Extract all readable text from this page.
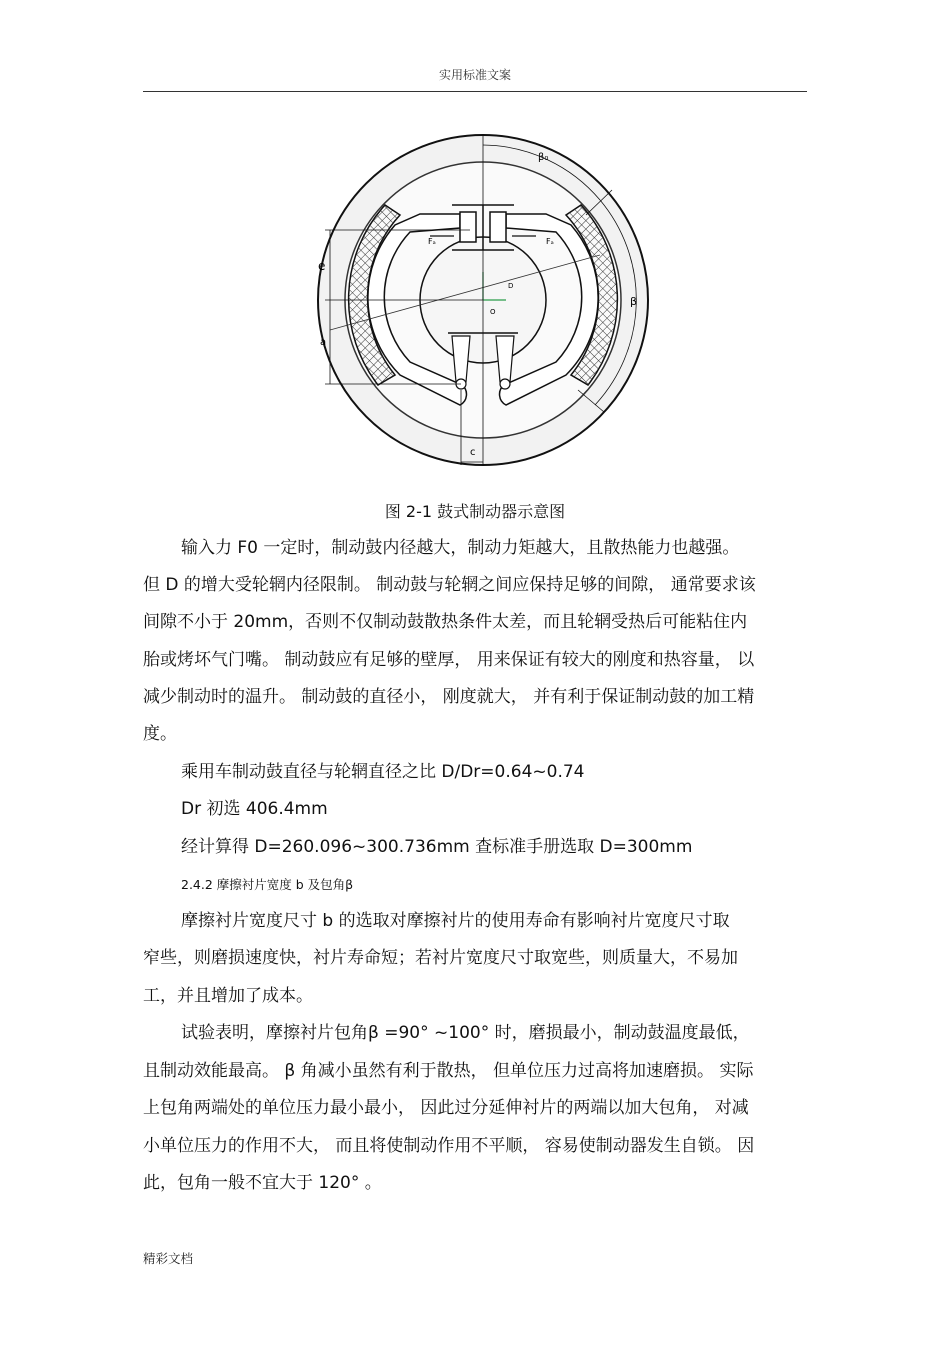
实用标准文案
β₀
β
Fₐ	Fₐ
e
a
c
D
O
图 2-1 鼓式制动器示意图
输入力 F0 一定时，制动鼓内径越大，制动力矩越大，且散热能力也越强。
但 D 的增大受轮辋内径限制。 制动鼓与轮辋之间应保持足够的间隙， 通常要求该
间隙不小于 20mm，否则不仅制动鼓散热条件太差，而且轮辋受热后可能粘住内
胎或烤坏气门嘴。 制动鼓应有足够的壁厚， 用来保证有较大的刚度和热容量， 以
减少制动时的温升。 制动鼓的直径小， 刚度就大， 并有利于保证制动鼓的加工精
度。
乘用车制动鼓直径与轮辋直径之比 D/Dr=0.64~0.74
Dr 初选 406.4mm
经计算得 D=260.096~300.736mm 查标准手册选取 D=300mm
2.4.2 摩擦衬片宽度 b 及包角β
摩擦衬片宽度尺寸 b 的选取对摩擦衬片的使用寿命有影响衬片宽度尺寸取
窄些，则磨损速度快，衬片寿命短；若衬片宽度尺寸取宽些，则质量大，不易加
工，并且增加了成本。
试验表明，摩擦衬片包角β =90° ~100° 时，磨损最小，制动鼓温度最低，
且制动效能最高。 β 角减小虽然有利于散热， 但单位压力过高将加速磨损。 实际
上包角两端处的单位压力最小最小， 因此过分延伸衬片的两端以加大包角， 对减
小单位压力的作用不大， 而且将使制动作用不平顺， 容易使制动器发生自锁。 因
此，包角一般不宜大于 120° 。
精彩文档
